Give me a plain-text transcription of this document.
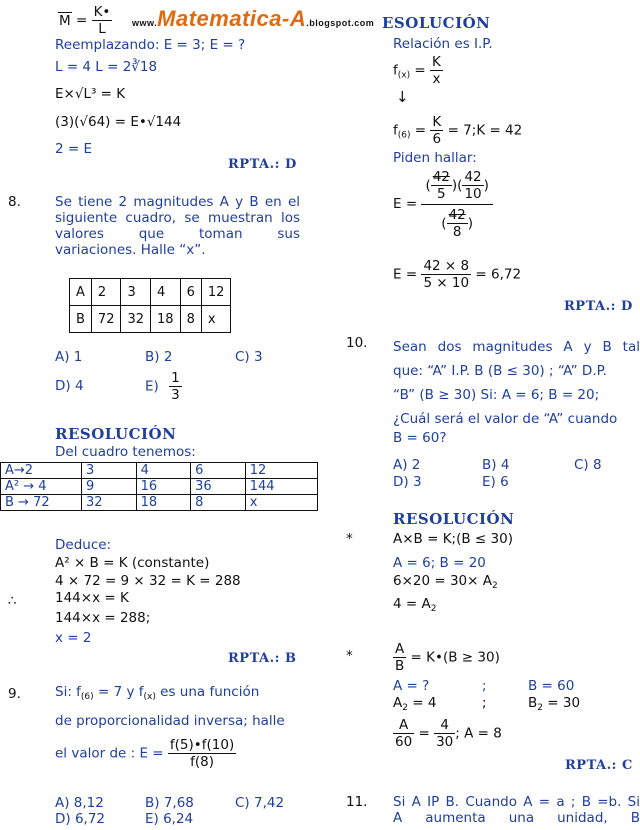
$M = \frac{K•}{L}$ www.Matematica-A.blogspot.com ESOLUCIÓN
Reemplazando: E = 3; E = ?
L = 4 L = 2∛18
E×√L³ = K
(3)(√64) = E•√144
2 = E
RPTA.: D
8.	Se tiene 2 magnitudes A y B en el
siguiente cuadro, se muestran los
valores que toman sus
variaciones. Halle “x”.
A	2	3	4	6	12
B	72	32	18	8	x
A) 1	B) 2	C) 3
D) 4	$E) \frac{1}{3}$
RESOLUCIÓN
Del cuadro tenemos:
A→2	3	4	6	12
A² → 4	9	16	36	144
B → 72	32	18	8	x
Deduce:
A² × B = K (constante)
4 × 72 = 9 × 32 = K = 288
∴	144×x = K
144×x = 288;
x = 2
RPTA.: B
9.	Si: $f_{(6)} = 7$ y $f_{(x)}$ es una función
de proporcionalidad inversa; halle
el valor de : $E = \frac{f(5)•f(10)}{f(8)}$
A) 8,12	B) 7,68	C) 7,42
D) 6,72	E) 6,24
Relación es I.P.
$f_{(x)} = \frac{K}{x}$
↓
$f_{(6)} = \frac{K}{6}$ = 7;K = 42
Piden hallar:
$E = \frac{( \frac{42}{5} )( \frac{42}{10} )}{( \frac{42}{8} )}$
$E = \frac{42 \times 8}{5 \times 10} = 6,72$
RPTA.: D
10. Sean dos magnitudes A y B tal
que: “A” I.P. B (B ≤ 30) ; “A” D.P.
“B” (B ≥ 30) Si: A = 6; B = 20;
¿Cuál será el valor de “A” cuando
B = 60?
A) 2	B) 4	C) 8
D) 3	E) 6
RESOLUCIÓN
*	A×B = K;(B ≤ 30)
A = 6; B = 20
$6\times 20 = 30\times A_2$
$4 = A_2$
*	$\frac{A}{B}$ = K•(B ≥ 30)
A = ?	;	B = 60
$A_2 = 4$	;	$B_2 = 30$
$\frac{A}{60} = \frac{4}{30}$ ; A = 8
RPTA.: C
11. Si A IP B. Cuando A = a ; B =b. Si
A aumenta una unidad, B
